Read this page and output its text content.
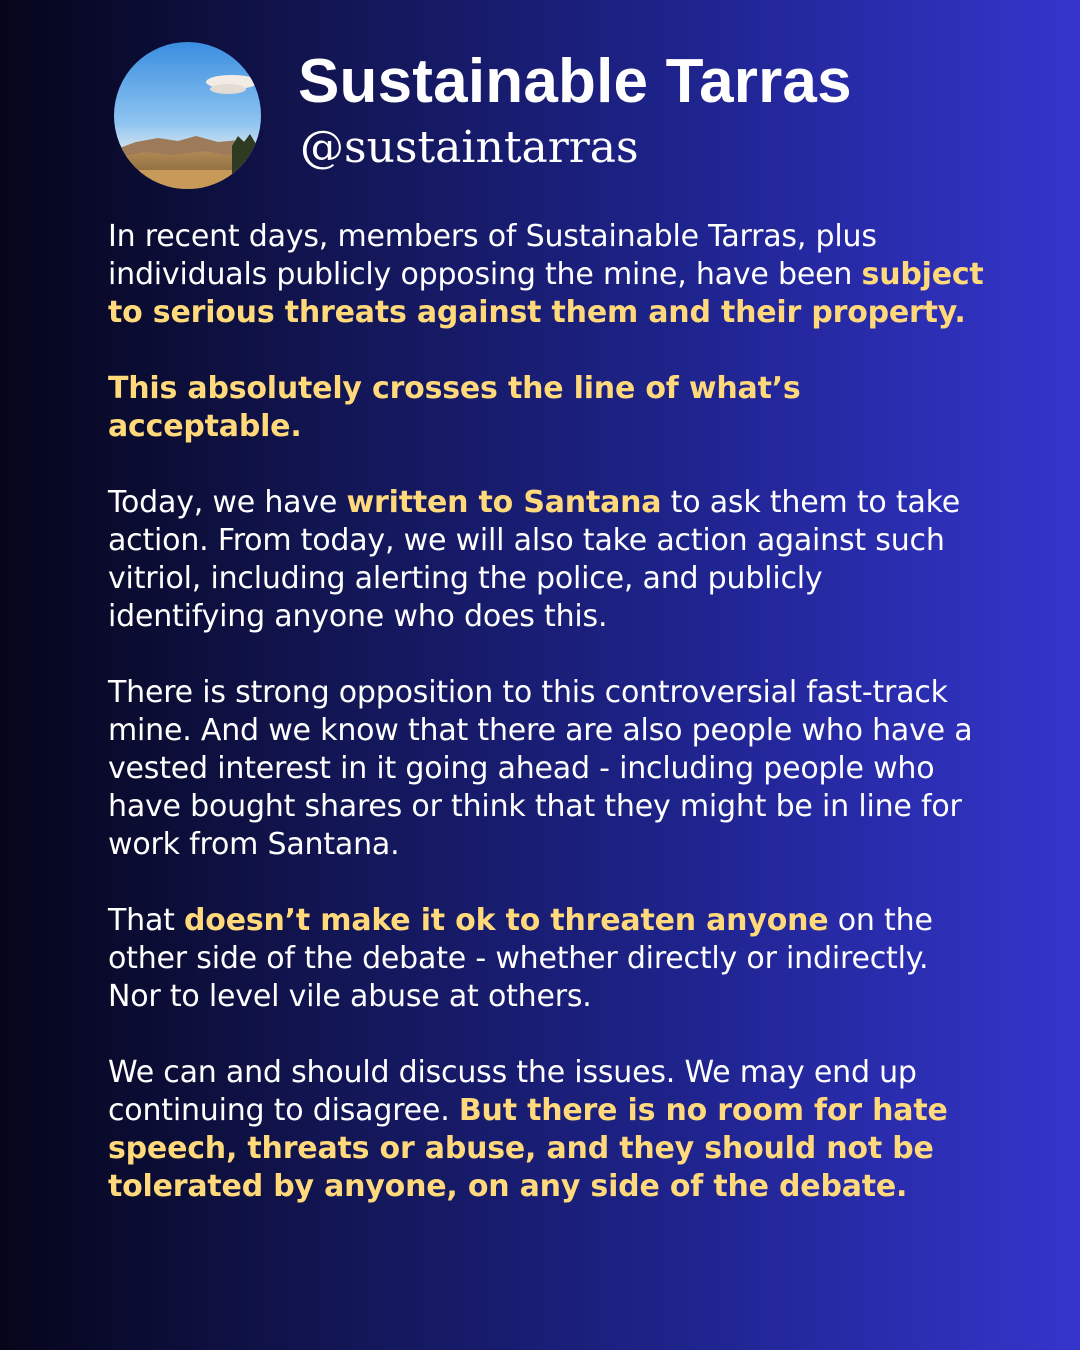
Sustainable Tarras
@sustaintarras

In recent days, members of Sustainable Tarras, plus individuals publicly opposing the mine, have been subject to serious threats against them and their property.

This absolutely crosses the line of what’s acceptable.

Today, we have written to Santana to ask them to take action. From today, we will also take action against such vitriol, including alerting the police, and publicly identifying anyone who does this.

There is strong opposition to this controversial fast-track mine. And we know that there are also people who have a vested interest in it going ahead - including people who have bought shares or think that they might be in line for work from Santana.

That doesn’t make it ok to threaten anyone on the other side of the debate - whether directly or indirectly. Nor to level vile abuse at others.

We can and should discuss the issues. We may end up continuing to disagree. But there is no room for hate speech, threats or abuse, and they should not be tolerated by anyone, on any side of the debate.
